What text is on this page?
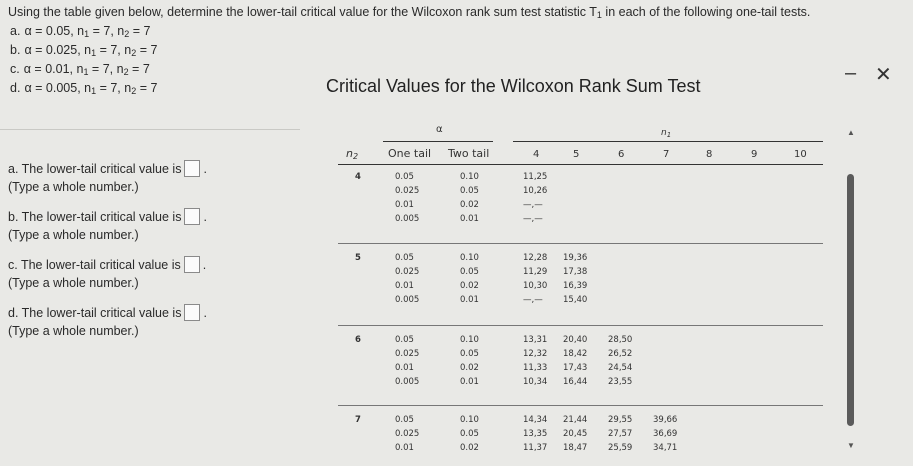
Using the table given below, determine the lower-tail critical value for the Wilcoxon rank sum test statistic $T_1$ in each of the following one-tail tests.
a. α = 0.05, $n_1 = 7$, $n_2 = 7$
b. α = 0.025, $n_1 = 7$, $n_2 = 7$
c. α = 0.01, $n_1 = 7$, $n_2 = 7$
d. α = 0.005, $n_1 = 7$, $n_2 = 7$
a. The lower-tail critical value is .
(Type a whole number.)
b. The lower-tail critical value is .
(Type a whole number.)
c. The lower-tail critical value is .
(Type a whole number.)
d. The lower-tail critical value is .
(Type a whole number.)
Critical Values for the Wilcoxon Rank Sum Test
– ✕
α	$n_1$
$n_2$	One tail Two tail	4	5	6	7	8	9	10
4	0.05	0.10	11,25
0.025	0.05	10,26
0.01	0.02	—,—
0.005	0.01	—,—
5	0.05	0.10	12,28 19,36
0.025	0.05	11,29 17,38
0.01	0.02	10,30 16,39
0.005	0.01	—,— 15,40
6	0.05	0.10	13,31 20,40 28,50
0.025	0.05	12,32 18,42 26,52
0.01	0.02	11,33 17,43 24,54
0.005	0.01	10,34 16,44 23,55
7	0.05	0.10	14,34 21,44 29,55 39,66
0.025	0.05	13,35 20,45 27,57 36,69
0.01	0.02	11,37 18,47 25,59 34,71
▲
▼
